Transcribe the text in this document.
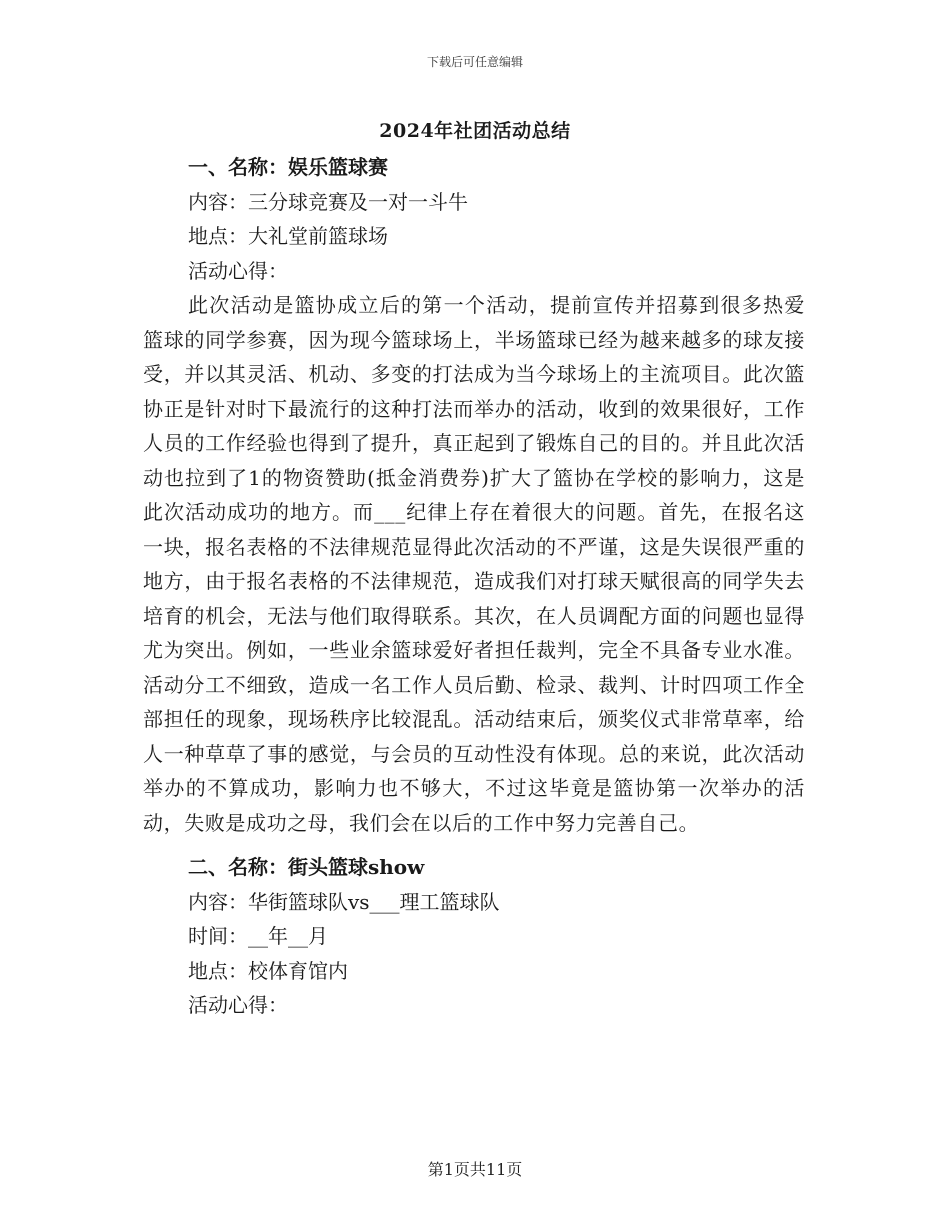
下载后可任意编辑
2024年社团活动总结
一、名称：娱乐篮球赛
内容：三分球竞赛及一对一斗牛
地点：大礼堂前篮球场
活动心得：
此次活动是篮协成立后的第一个活动，提前宣传并招募到很多热爱篮球的同学参赛，因为现今篮球场上，半场篮球已经为越来越多的球友接受，并以其灵活、机动、多变的打法成为当今球场上的主流项目。此次篮协正是针对时下最流行的这种打法而举办的活动，收到的效果很好，工作人员的工作经验也得到了提升，真正起到了锻炼自己的目的。并且此次活动也拉到了1的物资赞助(抵金消费券)扩大了篮协在学校的影响力，这是此次活动成功的地方。而___纪律上存在着很大的问题。首先，在报名这一块，报名表格的不法律规范显得此次活动的不严谨，这是失误很严重的地方，由于报名表格的不法律规范，造成我们对打球天赋很高的同学失去培育的机会，无法与他们取得联系。其次，在人员调配方面的问题也显得尤为突出。例如，一些业余篮球爱好者担任裁判，完全不具备专业水准。活动分工不细致，造成一名工作人员后勤、检录、裁判、计时四项工作全部担任的现象，现场秩序比较混乱。活动结束后，颁奖仪式非常草率，给人一种草草了事的感觉，与会员的互动性没有体现。总的来说，此次活动举办的不算成功，影响力也不够大，不过这毕竟是篮协第一次举办的活动，失败是成功之母，我们会在以后的工作中努力完善自己。
二、名称：街头篮球show
内容：华街篮球队vs___理工篮球队
时间：__年__月
地点：校体育馆内
活动心得：
第1页共11页
